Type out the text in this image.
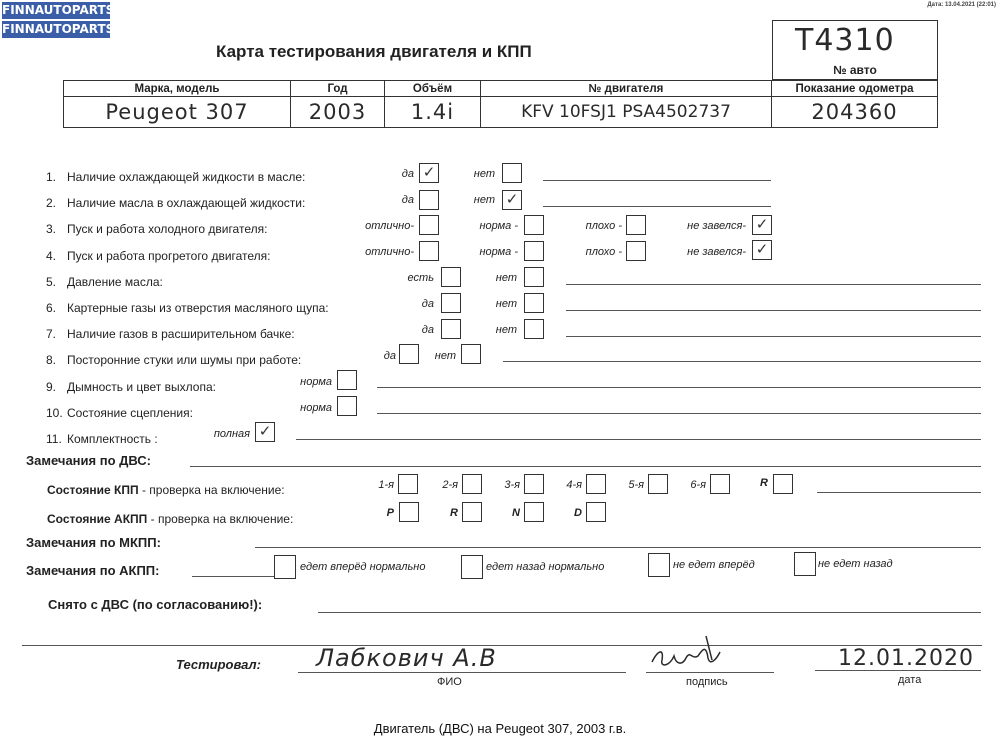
FINNAUTOPARTS
FINNAUTOPARTS
Дата: 13.04.2021 (22:01)
Карта тестирования двигателя и КПП	T4310
№ авто
Марка, модель	Год	Объём	№ двигателя	Показание одометра
Peugeot 307	2003	1.4i	KFV 10FSJ1 PSA4502737	204360
1. Наличие охлаждающей жидкости в масле:	да ✓	нет
2. Наличие масла в охлаждающей жидкости:	да	нет ✓
3. Пуск и работа холодного двигателя:	отлично-	норма -	плохо -	не завелся- ✓
4. Пуск и работа прогретого двигателя:	отлично-	норма -	плохо -	не завелся- ✓
5. Давление масла:	есть	нет
6. Картерные газы из отверстия масляного щупа:	да	нет
7. Наличие газов в расширительном бачке:	да	нет
8. Посторонние стуки или шумы при работе:	да	нет
9. Дымность и цвет выхлопа:	норма
10. Состояние сцепления:	норма
11. Комплектность :	полная ✓
Замечания по ДВС:
Состояние КПП - проверка на включение:	1-я	2-я	3-я	4-я	5-я	6-я	R
Состояние АКПП - проверка на включение:	P	R	N	D
Замечания по МКПП:
Замечания по АКПП:	едет вперёд нормально	едет назад нормально	не едет вперёд	не едет назад
Снято с ДВС (по согласованию!):
Тестировал: Лабкович А.В
ФИО	подпись
12.01.2020
дата
Двигатель (ДВС) на Peugeot 307, 2003 г.в.
